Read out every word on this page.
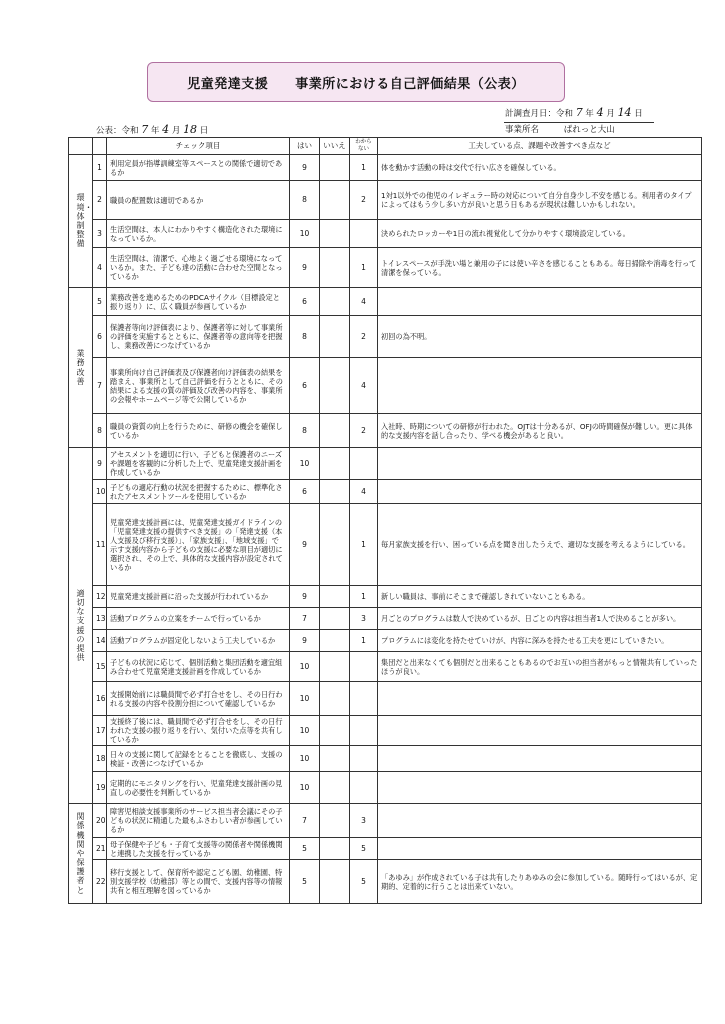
児童発達支援　　事業所における自己評価結果（公表）
計調査月日：令和 7 年 4 月 14 日
事業所名	ぱれっと大山
公表：令和 7 年 4 月 18 日
		チェック項目	はい	いいえ	わからない	工夫している点、課題や改善すべき点など
環境・体制整備	1	利用定員が指導訓練室等スペースとの関係で適切であるか	9		1	体を動かす活動の時は交代で行い広さを確保している。
	2	職員の配置数は適切であるか	8		2	1対1以外での他児のイレギュラー時の対応について自分自身少し不安を感じる。利用者のタイプによってはもう少し多い方が良いと思う日もあるが現状は難しいかもしれない。
	3	生活空間は、本人にわかりやすく構造化された環境になっているか。	10			決められたロッカーや1日の流れ視覚化して分かりやすく環境設定している。
	4	生活空間は、清潔で、心地よく過ごせる環境になっているか。また、子ども達の活動に合わせた空間となっているか	9		1	トイレスペースが手洗い場と兼用の子には使い辛さを感じることもある。毎日掃除や消毒を行って清潔を保っている。
業務改善	5	業務改善を進めるためのPDCAサイクル（目標設定と振り返り）に、広く職員が参画しているか	6		4	
	6	保護者等向け評価表により、保護者等に対して事業所の評価を実施するとともに、保護者等の意向等を把握し、業務改善につなげているか	8		2	初回の為不明。
	7	事業所向け自己評価表及び保護者向け評価表の結果を踏まえ、事業所として自己評価を行うとともに、その結果による支援の質の評価及び改善の内容を、事業所の会報やホームページ等で公開しているか	6		4	
	8	職員の資質の向上を行うために、研修の機会を確保しているか	8		2	入社時、時期についての研修が行われた。OJTは十分あるが、OFJの時間確保が難しい。更に具体的な支援内容を話し合ったり、学べる機会があると良い。
適切な支援の提供	9	アセスメントを適切に行い、子どもと保護者のニーズや課題を客観的に分析した上で、児童発達支援計画を作成しているか	10			
	10	子どもの適応行動の状況を把握するために、標準化されたアセスメントツールを使用しているか	6		4	
	11	児童発達支援計画には、児童発達支援ガイドラインの「児童発達支援の提供すべき支援」の「発達支援（本人支援及び移行支援）」、「家族支援」、「地域支援」で示す支援内容から子どもの支援に必要な項目が適切に選択され、その上で、具体的な支援内容が設定されているか	9		1	毎月家族支援を行い、困っている点を聞き出したうえで、適切な支援を考えるようにしている。
	12	児童発達支援計画に沿った支援が行われているか	9		1	新しい職員は、事前にそこまで確認しきれていないこともある。
	13	活動プログラムの立案をチームで行っているか	7		3	月ごとのプログラムは数人で決めているが、日ごとの内容は担当者1人で決めることが多い。
	14	活動プログラムが固定化しないよう工夫しているか	9		1	プログラムには変化を持たせていけが、内容に深みを持たせる工夫を更にしていきたい。
	15	子どもの状況に応じて、個別活動と集団活動を適宜組み合わせて児童発達支援計画を作成しているか	10			集団だと出来なくても個別だと出来ることもあるのでお互いの担当者がもっと情報共有していったほうが良い。
	16	支援開始前には職員間で必ず打合せをし、その日行われる支援の内容や役割分担について確認しているか	10			
	17	支援終了後には、職員間で必ず打合せをし、その日行われた支援の振り返りを行い、気付いた点等を共有しているか	10			
	18	日々の支援に関して記録をとることを徹底し、支援の検証・改善につなげているか	10			
	19	定期的にモニタリングを行い、児童発達支援計画の見直しの必要性を判断しているか	10			
関係機関や保護者と	20	障害児相談支援事業所のサービス担当者会議にその子どもの状況に精通した最もふさわしい者が参画しているか	7		3	
	21	母子保健や子ども・子育て支援等の関係者や関係機関と連携した支援を行っているか	5		5	
	22	移行支援として、保育所や認定こども園、幼稚園、特別支援学校（幼稚部）等との間で、支援内容等の情報共有と相互理解を図っているか	5		5	「あゆみ」が作成されている子は共有したりあゆみの会に参加している。随時行ってはいるが、定期的、定着的に行うことは出来ていない。
